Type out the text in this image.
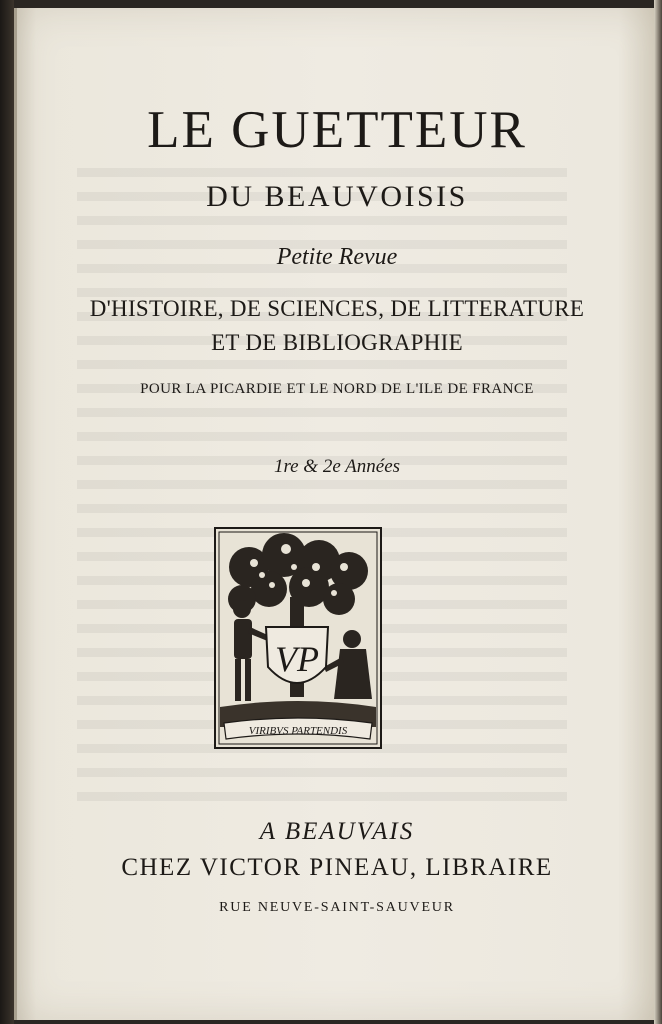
LE GUETTEUR
DU BEAUVOISIS
Petite Revue
D'HISTOIRE, DE SCIENCES, DE LITTERATURE
ET DE BIBLIOGRAPHIE
POUR LA PICARDIE ET LE NORD DE L'ILE DE FRANCE
1re & 2e Années
VP
VIRIBVS PARTENDIS
A BEAUVAIS
CHEZ VICTOR PINEAU, LIBRAIRE
RUE NEUVE-SAINT-SAUVEUR
